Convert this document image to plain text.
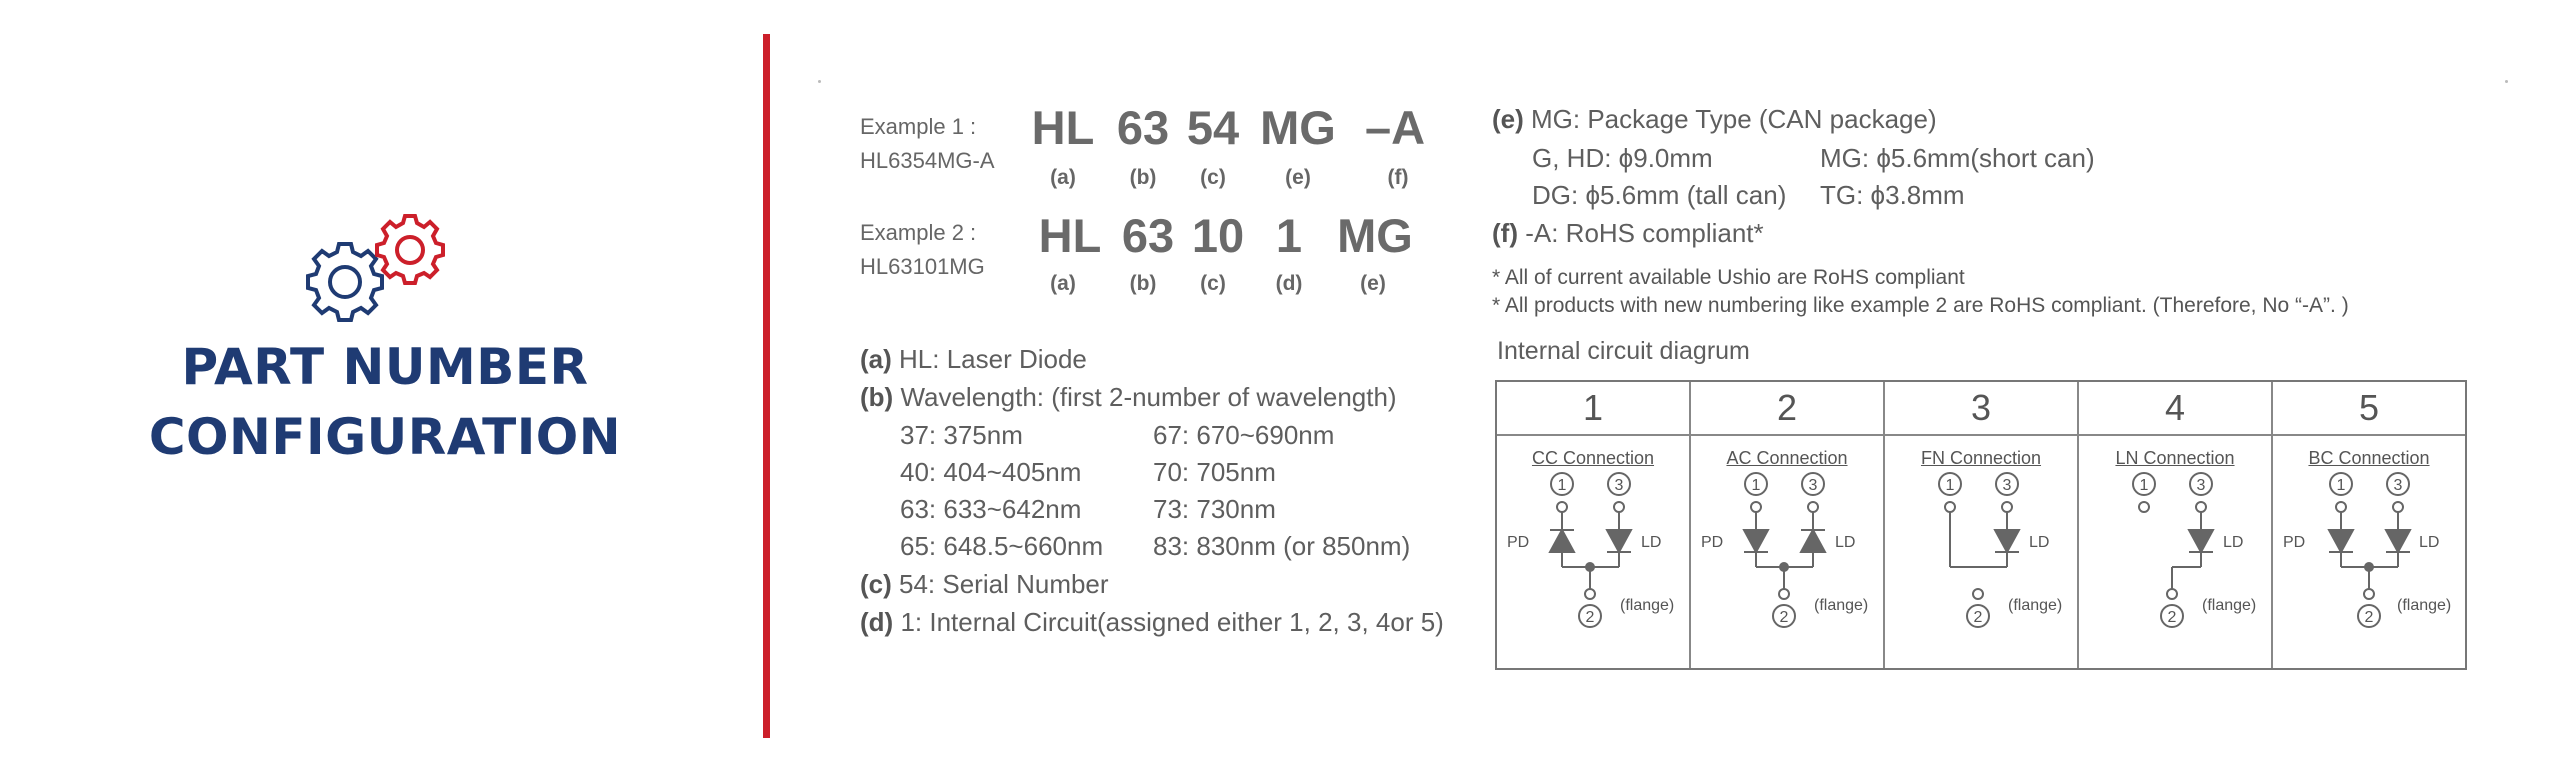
PART NUMBER
CONFIGURATION
Example 1 :
HL6354MG-A
HL 63 54 MG –A
(a)	(b)	(c)	(e)	(f)
Example 2 :
HL63101MG
HL 63 10 1 MG
(a)	(b)	(c)	(d)	(e)
(a) HL: Laser Diode
(b) Wavelength: (first 2-number of wavelength)
37: 375nm	67: 670~690nm
40: 404~405nm	70: 705nm
63: 633~642nm	73: 730nm
65: 648.5~660nm 83: 830nm (or 850nm)
(c) 54: Serial Number
(d) 1: Internal Circuit(assigned either 1, 2, 3, 4or 5)
(e) MG: Package Type (CAN package)
G, HD: ϕ9.0mm	MG: ϕ5.6mm(short can)
DG: ϕ5.6mm (tall can) TG: ϕ3.8mm
(f) -A: RoHS compliant*
* All of current available Ushio are RoHS compliant
* All products with new numbering like example 2 are RoHS compliant. (Therefore, No “-A”. )
Internal circuit diagrum
1
CC Connection
1	3
2
PD	LD
(flange)
2
AC Connection
1	3
2
PD	LD
(flange)
3
FN Connection
1	3
2
LD
(flange)
4
LN Connection
1	3
2
LD
(flange)
5
BC Connection
1	3
2
PD	LD
(flange)
